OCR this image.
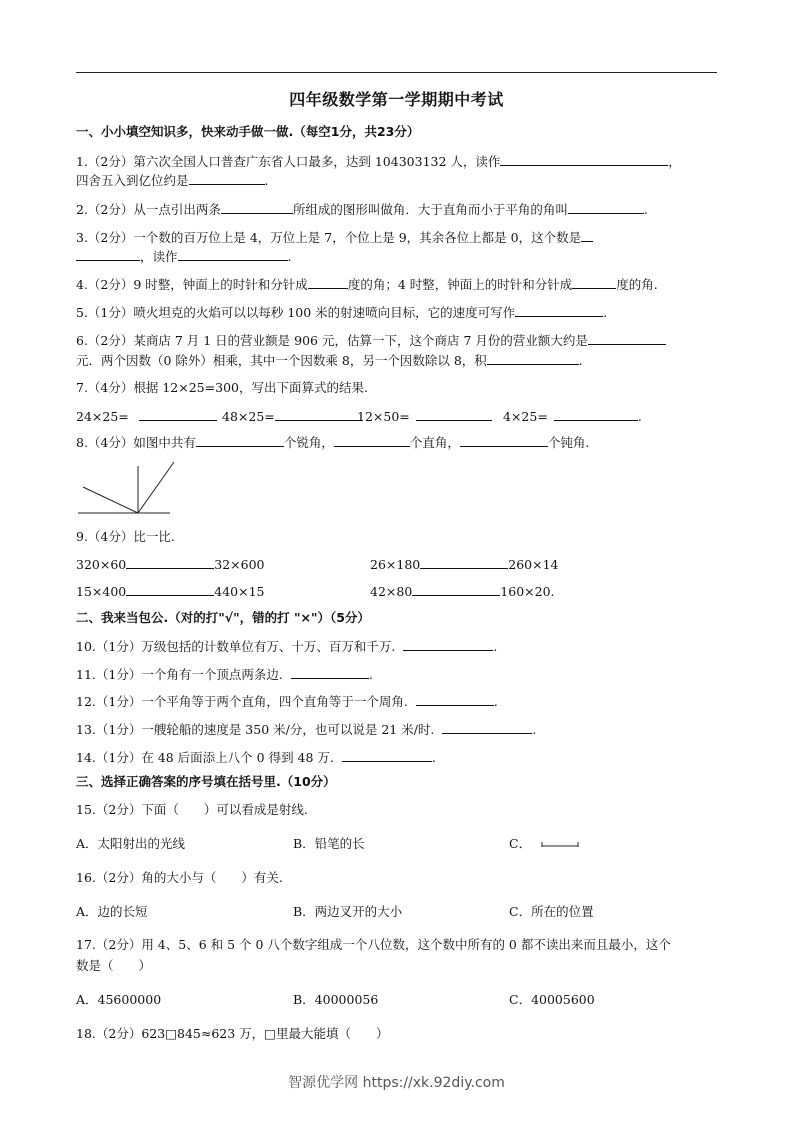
四年级数学第一学期期中考试
一、小小填空知识多，快来动手做一做.（每空1分，共23分）
1.（2分）第六次全国人口普查广东省人口最多，达到 104303132 人，读作	，
四舍五入到亿位约是	.
2.（2分）从一点引出两条	所组成的图形叫做角．大于直角而小于平角的角叫	.
3.（2分）一个数的百万位上是 4，万位上是 7，个位上是 9，其余各位上都是 0，这个数是
，读作	.
4.（2分）9 时整，钟面上的时针和分针成	度的角；4 时整，钟面上的时针和分针成	度的角.
5.（1分）喷火坦克的火焰可以以每秒 100 米的射速喷向目标，它的速度可写作	.
6.（2分）某商店 7 月 1 日的营业额是 906 元，估算一下，这个商店 7 月份的营业额大约是
元．两个因数（0 除外）相乘，其中一个因数乘 8，另一个因数除以 8，积	.
7.（4分）根据 12×25=300，写出下面算式的结果.
24×25=	48×25=	12×50=	4×25=	.
8.（4分）如图中共有	个锐角，	个直角，	个钝角.
9.（4分）比一比.
320×60	32×600	26×180	260×14
15×400	440×15	42×80	160×20.
二、我来当包公.（对的打"√"，错的打 "×"）（5分）
10.（1分）万级包括的计数单位有万、十万、百万和千万.	.
11.（1分）一个角有一个顶点两条边.	.
12.（1分）一个平角等于两个直角，四个直角等于一个周角.	.
13.（1分）一艘轮船的速度是 350 米/分，也可以说是 21 米/时.	.
14.（1分）在 48 后面添上八个 0 得到 48 万.	.
三、选择正确答案的序号填在括号里.（10分）
15.（2分）下面（　　）可以看成是射线.
A．太阳射出的光线	B．铅笔的长	C．
16.（2分）角的大小与（　　）有关.
A．边的长短	B．两边叉开的大小	C．所在的位置
17.（2分）用 4、5、6 和 5 个 0 八个数字组成一个八位数，这个数中所有的 0 都不读出来而且最小，这个
数是（　　）
A．45600000	B．40000056	C．40005600
18.（2分）623□845≈623 万，□里最大能填（　　）
智源优学网 https://xk.92diy.com
